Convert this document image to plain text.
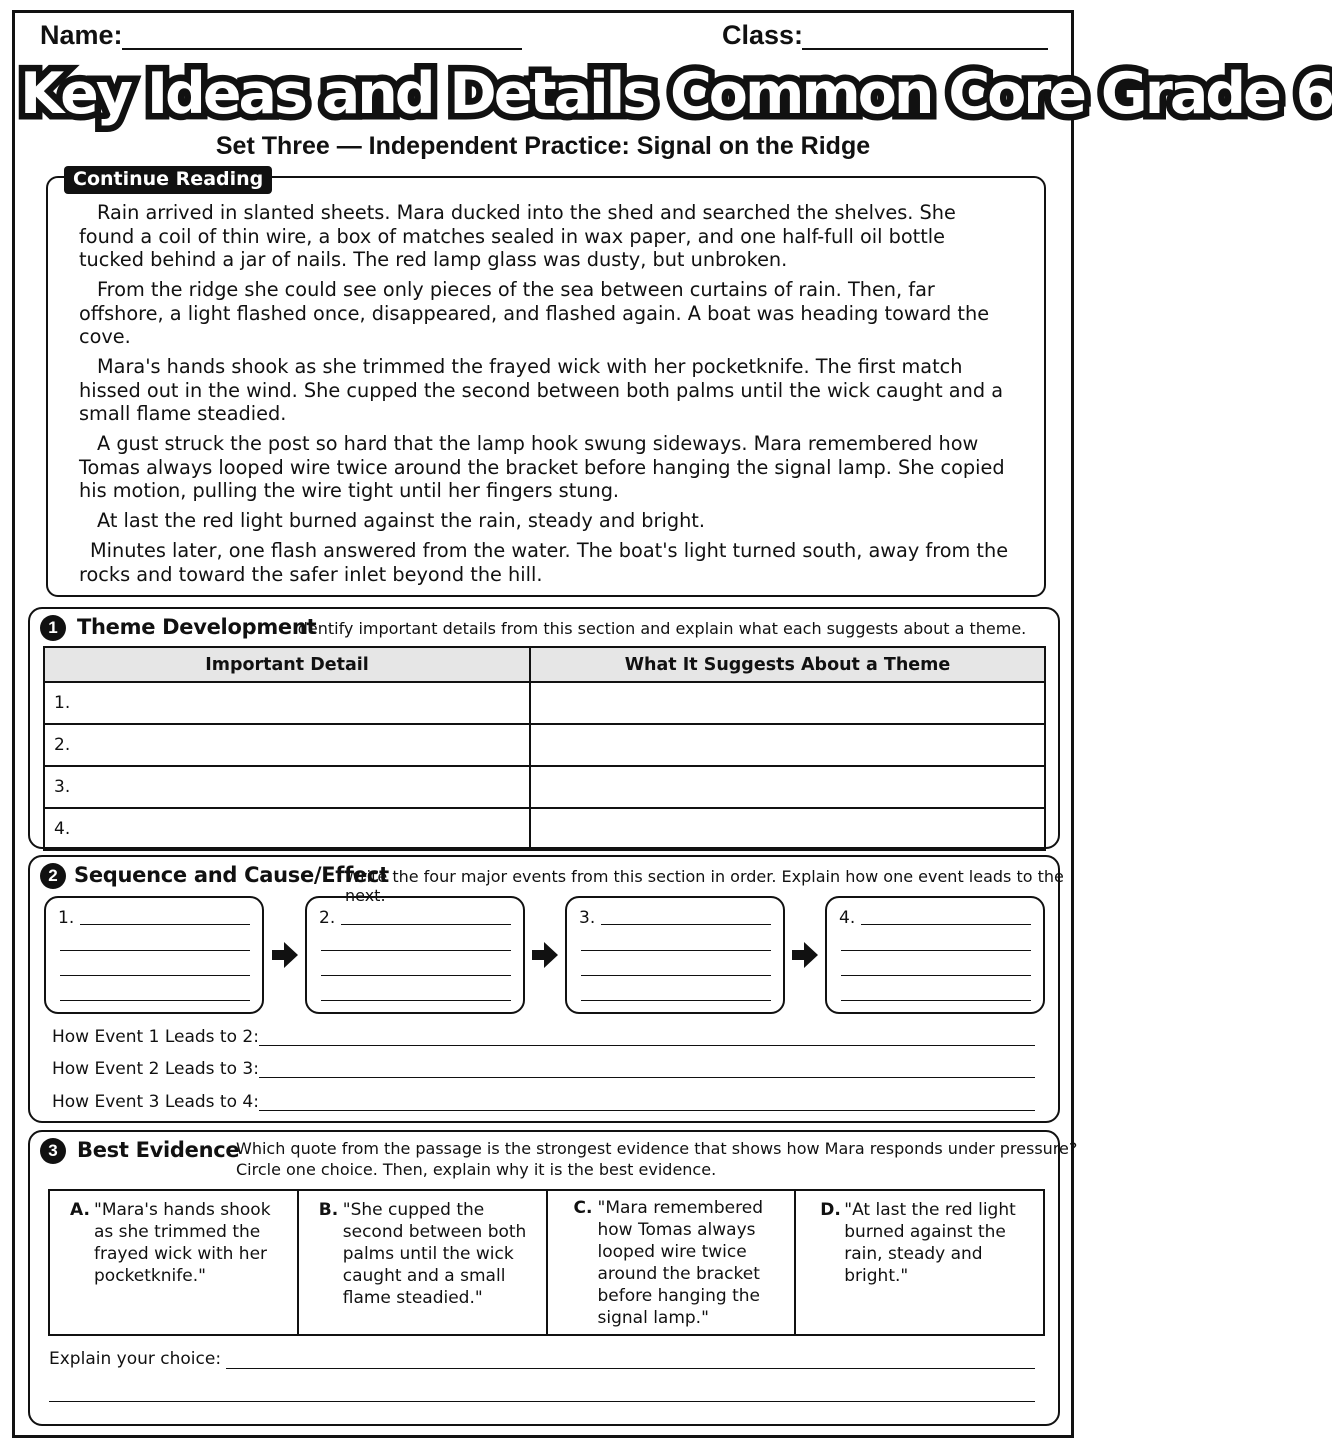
Name:	Class:
Key Ideas and Details Common Core Grade 6
Set Three — Independent Practice: Signal on the Ridge
Continue Reading

Rain arrived in slanted sheets. Mara ducked into the shed and searched the shelves. She found a coil of thin wire, a box of matches sealed in wax paper, and one half-full oil bottle tucked behind a jar of nails. The red lamp glass was dusty, but unbroken.

From the ridge she could see only pieces of the sea between curtains of rain. Then, far offshore, a light flashed once, disappeared, and flashed again. A boat was heading toward the cove.

Mara's hands shook as she trimmed the frayed wick with her pocketknife. The first match hissed out in the wind. She cupped the second between both palms until the wick caught and a small flame steadied.

A gust struck the post so hard that the lamp hook swung sideways. Mara remembered how Tomas always looped wire twice around the bracket before hanging the signal lamp. She copied his motion, pulling the wire tight until her fingers stung.

At last the red light burned against the rain, steady and bright.

Minutes later, one flash answered from the water. The boat's light turned south, away from the rocks and toward the safer inlet beyond the hill.

1 Theme Development
Identify important details from this section and explain what each suggests about a theme.
Important Detail	What It Suggests About a Theme
1.	
2.	
3.	
4.	
2 Sequence and Cause/Effect
Write the four major events from this section in order. Explain how one event leads to the next.
1.	2.	3.	4.
How Event 1 Leads to 2:
How Event 2 Leads to 3:
How Event 3 Leads to 4:
3 Best Evidence
Which quote from the passage is the strongest evidence that shows how Mara responds under pressure?
Circle one choice. Then, explain why it is the best evidence.
A. "Mara's hands shook as she trimmed the frayed wick with her pocketknife."

B. "She cupped the second between both palms until the wick caught and a small flame steadied."

C. "Mara remembered how Tomas always looped wire twice around the bracket before hanging the signal lamp."

D. "At last the red light burned against the rain, steady and bright."
Explain your choice:
